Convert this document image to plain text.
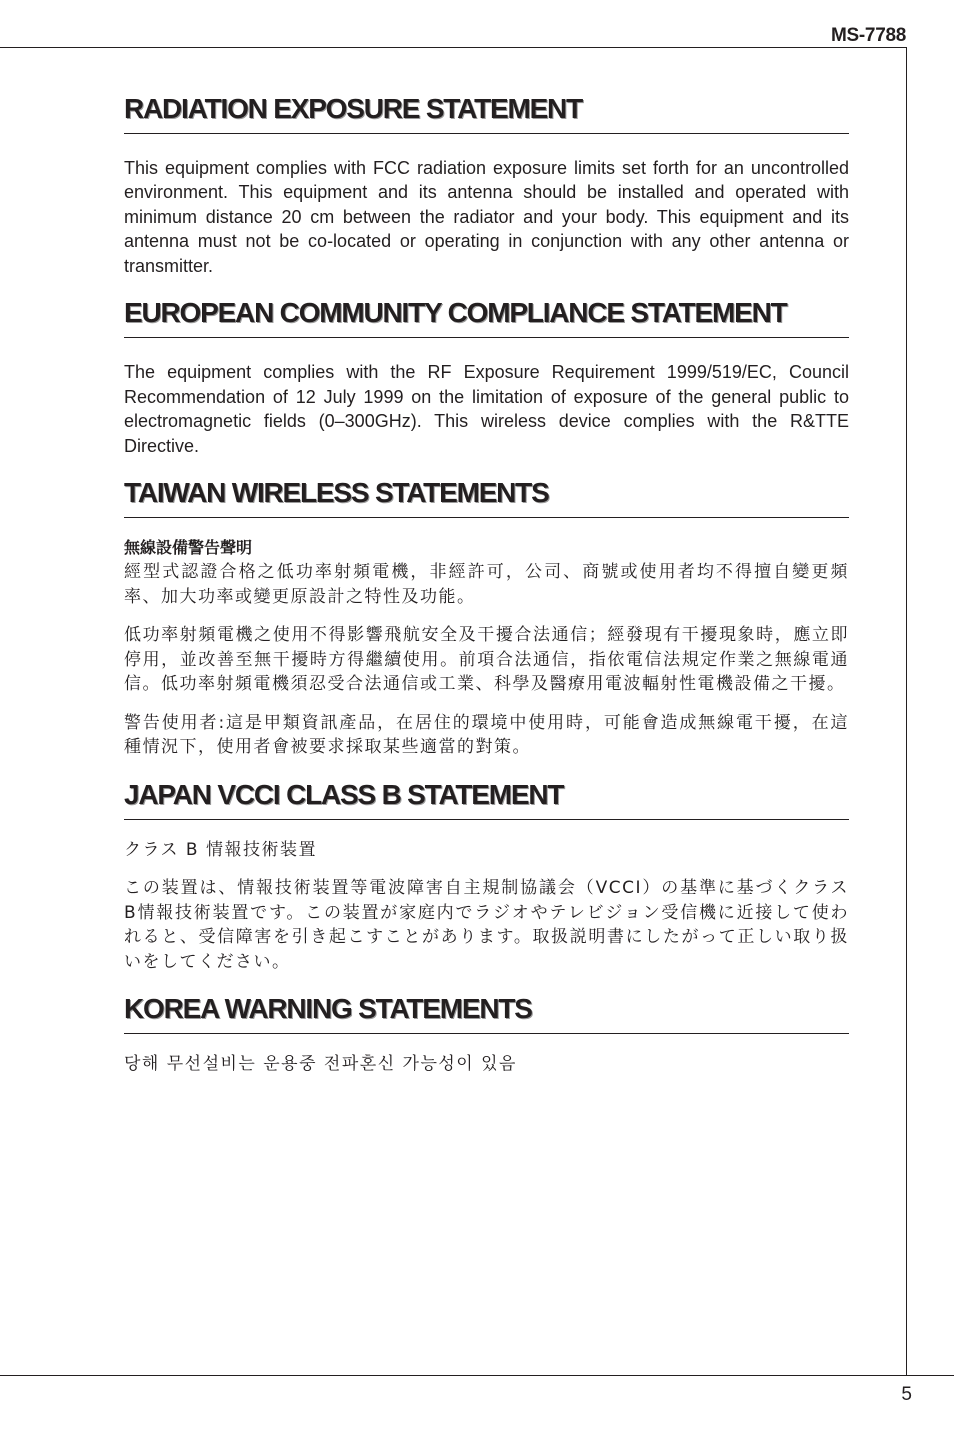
MS-7788
RADIATION EXPOSURE STATEMENT

This equipment complies with FCC radiation exposure limits set forth for an uncontrolled environment. This equipment and its antenna should be installed and operated with minimum distance 20 cm between the radiator and your body. This equipment and its antenna must not be co-located or operating in conjunction with any other antenna or transmitter.

EUROPEAN COMMUNITY COMPLIANCE STATEMENT

The equipment complies with the RF Exposure Requirement 1999/519/EC, Council Recommendation of 12 July 1999 on the limitation of exposure of the general public to electromagnetic fields (0–300GHz). This wireless device complies with the R&TTE Directive.

TAIWAN WIRELESS STATEMENTS

無線設備警告聲明
經型式認證合格之低功率射頻電機，非經許可，公司、商號或使用者均不得擅自變更頻率、加大功率或變更原設計之特性及功能。

低功率射頻電機之使用不得影響飛航安全及干擾合法通信；經發現有干擾現象時，應立即停用，並改善至無干擾時方得繼續使用。前項合法通信，指依電信法規定作業之無線電通信。低功率射頻電機須忍受合法通信或工業、科學及醫療用電波輻射性電機設備之干擾。

警告使用者:這是甲類資訊產品，在居住的環境中使用時，可能會造成無線電干擾，在這種情況下，使用者會被要求採取某些適當的對策。

JAPAN VCCI CLASS B STATEMENT

クラス B 情報技術装置

この装置は、情報技術装置等電波障害自主規制協議会（VCCI）の基準に基づくクラスB情報技術装置です。この装置が家庭内でラジオやテレビジョン受信機に近接して使われると、受信障害を引き起こすことがあります。取扱説明書にしたがって正しい取り扱いをしてください。

KOREA WARNING STATEMENTS

당해 무선설비는 운용중 전파혼신 가능성이 있음

5
